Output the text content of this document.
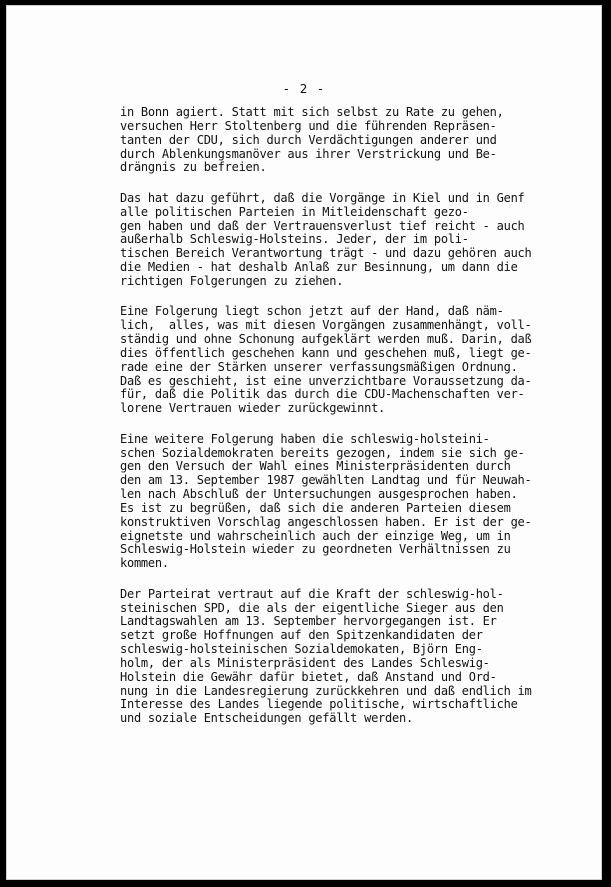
- 2 -
in Bonn agiert. Statt mit sich selbst zu Rate zu gehen,
versuchen Herr Stoltenberg und die führenden Repräsen-
tanten der CDU, sich durch Verdächtigungen anderer und
durch Ablenkungsmanöver aus ihrer Verstrickung und Be-
drängnis zu befreien.
Das hat dazu geführt, daß die Vorgänge in Kiel und in Genf
alle politischen Parteien in Mitleidenschaft gezo-
gen haben und daß der Vertrauensverlust tief reicht - auch
außerhalb Schleswig-Holsteins. Jeder, der im poli-
tischen Bereich Verantwortung trägt - und dazu gehören auch
die Medien - hat deshalb Anlaß zur Besinnung, um dann die
richtigen Folgerungen zu ziehen.
Eine Folgerung liegt schon jetzt auf der Hand, daß näm-
lich,  alles, was mit diesen Vorgängen zusammenhängt, voll-
ständig und ohne Schonung aufgeklärt werden muß. Darin, daß
dies öffentlich geschehen kann und geschehen muß, liegt ge-
rade eine der Stärken unserer verfassungsmäßigen Ordnung.
Daß es geschieht, ist eine unverzichtbare Voraussetzung da-
für, daß die Politik das durch die CDU-Machenschaften ver-
lorene Vertrauen wieder zurückgewinnt.
Eine weitere Folgerung haben die schleswig-holsteini-
schen Sozialdemokraten bereits gezogen, indem sie sich ge-
gen den Versuch der Wahl eines Ministerpräsidenten durch
den am 13. September 1987 gewählten Landtag und für Neuwah-
len nach Abschluß der Untersuchungen ausgesprochen haben.
Es ist zu begrüßen, daß sich die anderen Parteien diesem
konstruktiven Vorschlag angeschlossen haben. Er ist der ge-
eignetste und wahrscheinlich auch der einzige Weg, um in
Schleswig-Holstein wieder zu geordneten Verhältnissen zu
kommen.
Der Parteirat vertraut auf die Kraft der schleswig-hol-
steinischen SPD, die als der eigentliche Sieger aus den
Landtagswahlen am 13. September hervorgegangen ist. Er
setzt große Hoffnungen auf den Spitzenkandidaten der
schleswig-holsteinischen Sozialdemokaten, Björn Eng-
holm, der als Ministerpräsident des Landes Schleswig-
Holstein die Gewähr dafür bietet, daß Anstand und Ord-
nung in die Landesregierung zurückkehren und daß endlich im
Interesse des Landes liegende politische, wirtschaftliche
und soziale Entscheidungen gefällt werden.
